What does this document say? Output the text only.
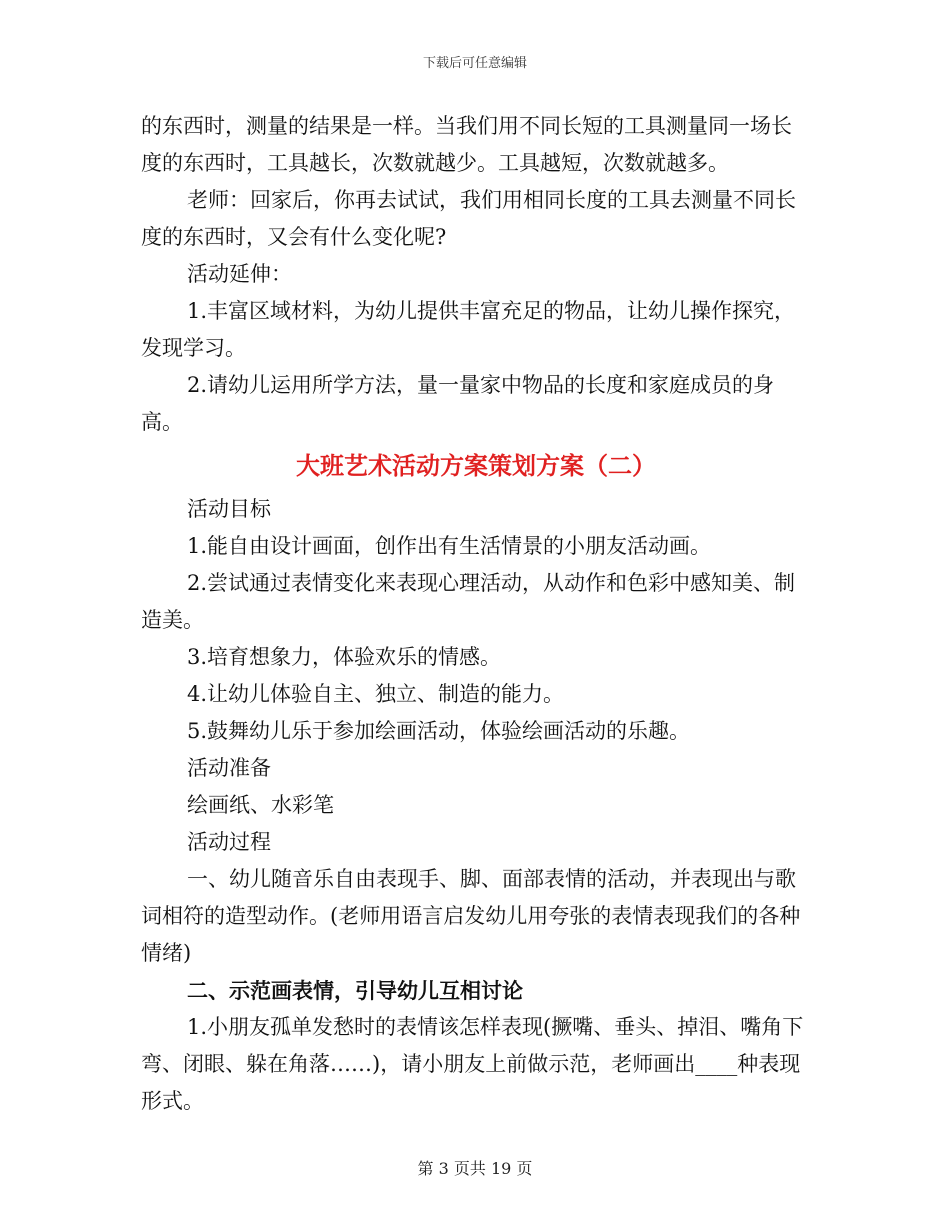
下载后可任意编辑

的东西时，测量的结果是一样。当我们用不同长短的工具测量同一场长度的东西时，工具越长，次数就越少。工具越短，次数就越多。

老师：回家后，你再去试试，我们用相同长度的工具去测量不同长度的东西时，又会有什么变化呢?

活动延伸：

1.丰富区域材料，为幼儿提供丰富充足的物品，让幼儿操作探究，发现学习。

2.请幼儿运用所学方法，量一量家中物品的长度和家庭成员的身高。

大班艺术活动方案策划方案（二）

活动目标

1.能自由设计画面，创作出有生活情景的小朋友活动画。

2.尝试通过表情变化来表现心理活动，从动作和色彩中感知美、制造美。

3.培育想象力，体验欢乐的情感。

4.让幼儿体验自主、独立、制造的能力。

5.鼓舞幼儿乐于参加绘画活动，体验绘画活动的乐趣。

活动准备

绘画纸、水彩笔

活动过程

一、幼儿随音乐自由表现手、脚、面部表情的活动，并表现出与歌词相符的造型动作。(老师用语言启发幼儿用夸张的表情表现我们的各种情绪)

二、示范画表情，引导幼儿互相讨论

1.小朋友孤单发愁时的表情该怎样表现(撅嘴、垂头、掉泪、嘴角下弯、闭眼、躲在角落……)，请小朋友上前做示范，老师画出____种表现形式。

第 3 页共 19 页
